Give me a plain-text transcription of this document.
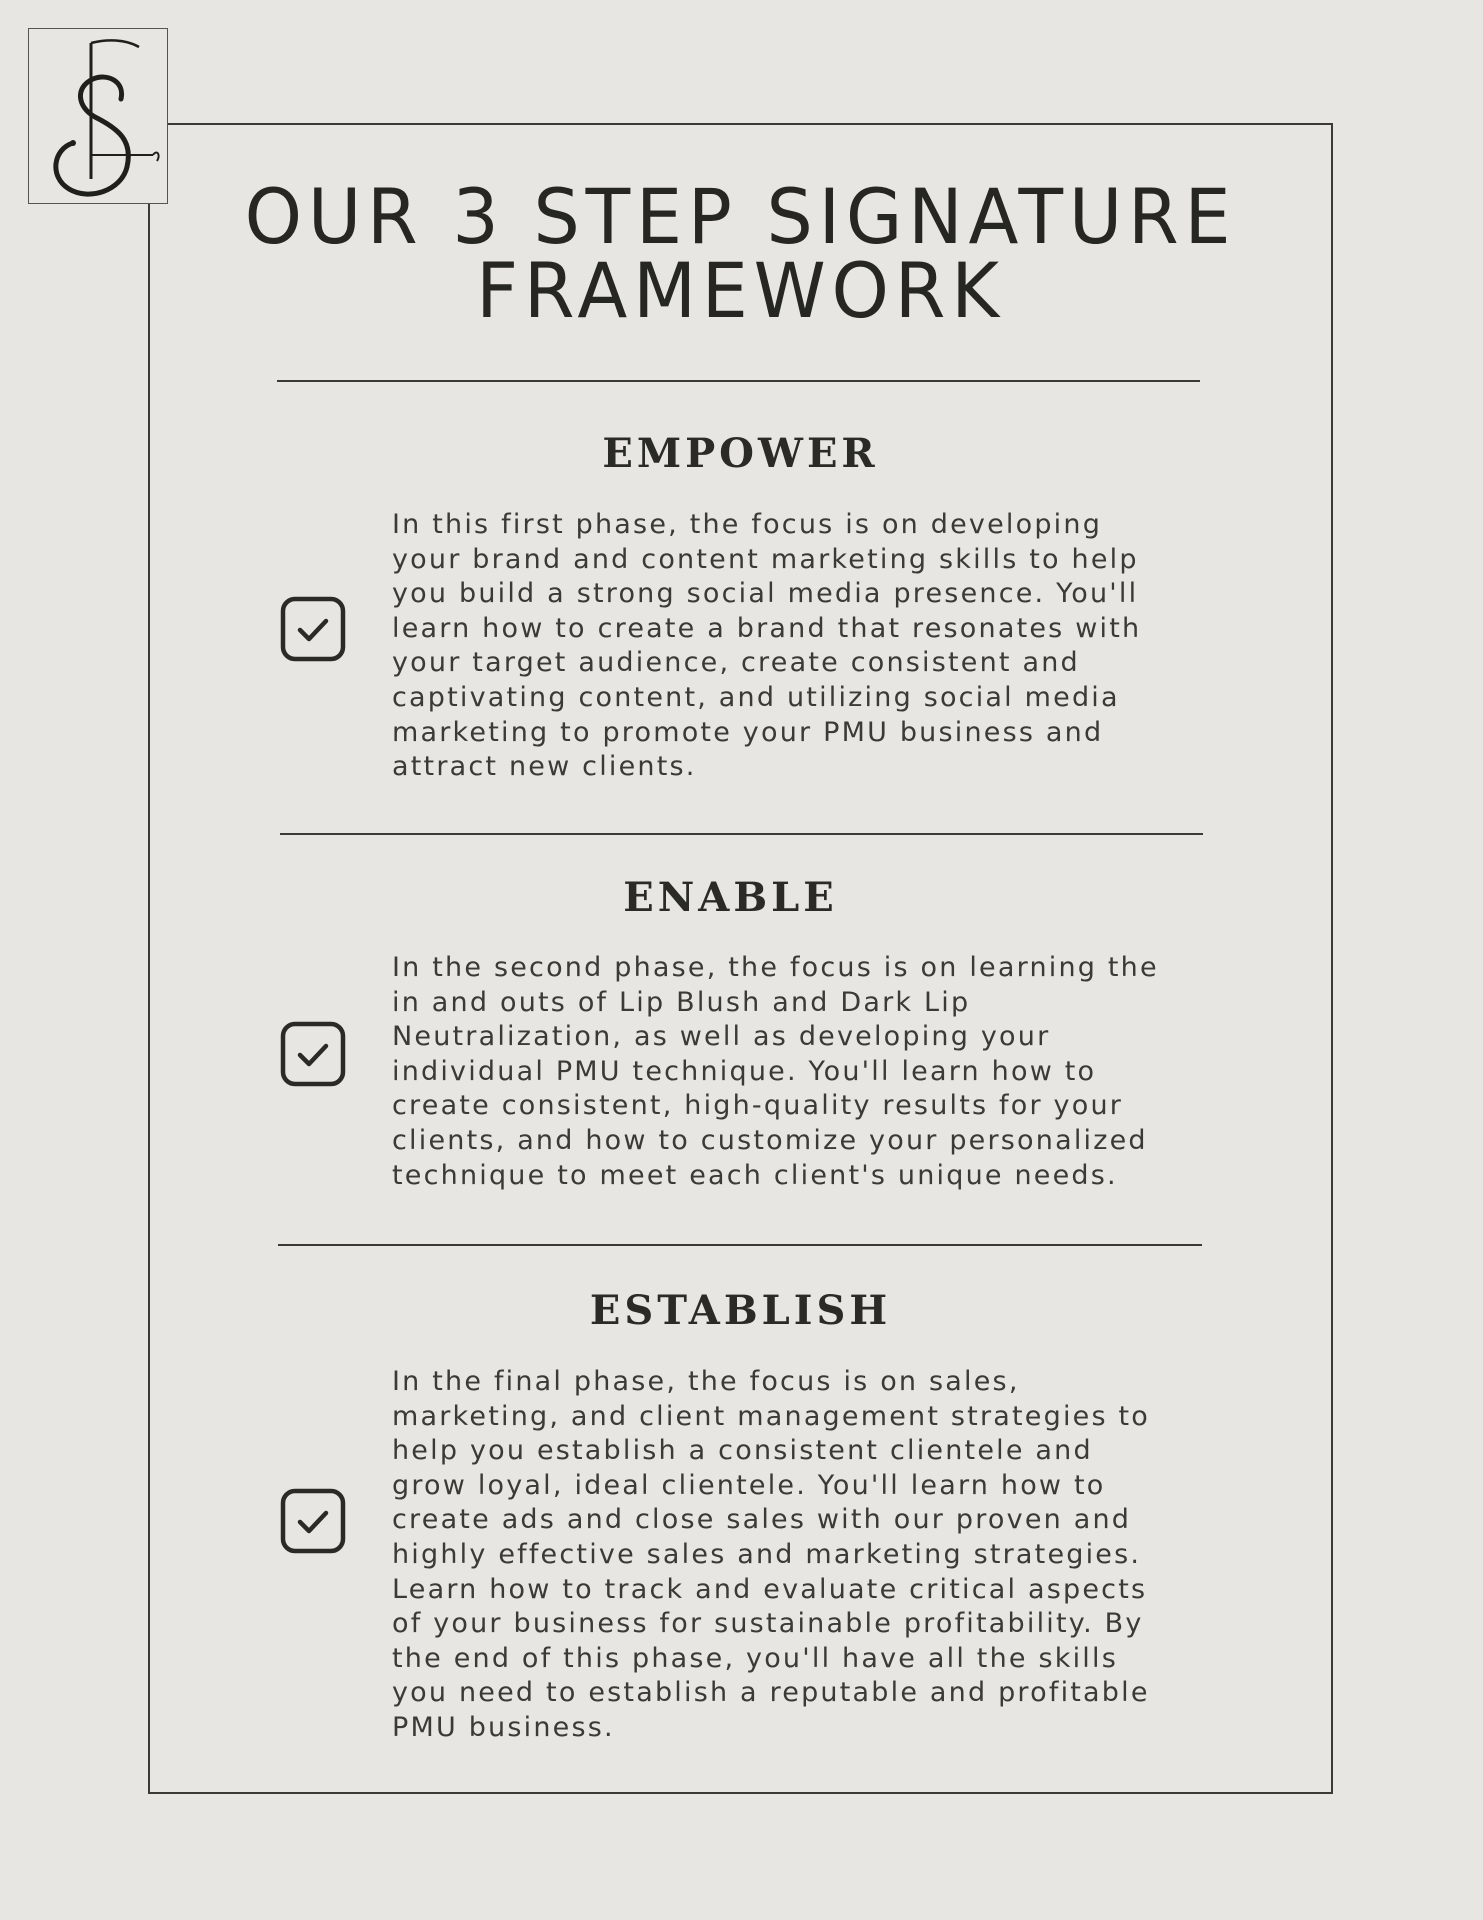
OUR 3 STEP SIGNATURE
FRAMEWORK
EMPOWER

In this first phase, the focus is on developing
your brand and content marketing skills to help
you build a strong social media presence. You'll
learn how to create a brand that resonates with
your target audience, create consistent and
captivating content, and utilizing social media
marketing to promote your PMU business and
attract new clients.

ENABLE

In the second phase, the focus is on learning the
in and outs of Lip Blush and Dark Lip
Neutralization, as well as developing your
individual PMU technique. You'll learn how to
create consistent, high-quality results for your
clients, and how to customize your personalized
technique to meet each client's unique needs.

ESTABLISH

In the final phase, the focus is on sales,
marketing, and client management strategies to
help you establish a consistent clientele and
grow loyal, ideal clientele. You'll learn how to
create ads and close sales with our proven and
highly effective sales and marketing strategies.
Learn how to track and evaluate critical aspects
of your business for sustainable profitability. By
the end of this phase, you'll have all the skills
you need to establish a reputable and profitable
PMU business.
